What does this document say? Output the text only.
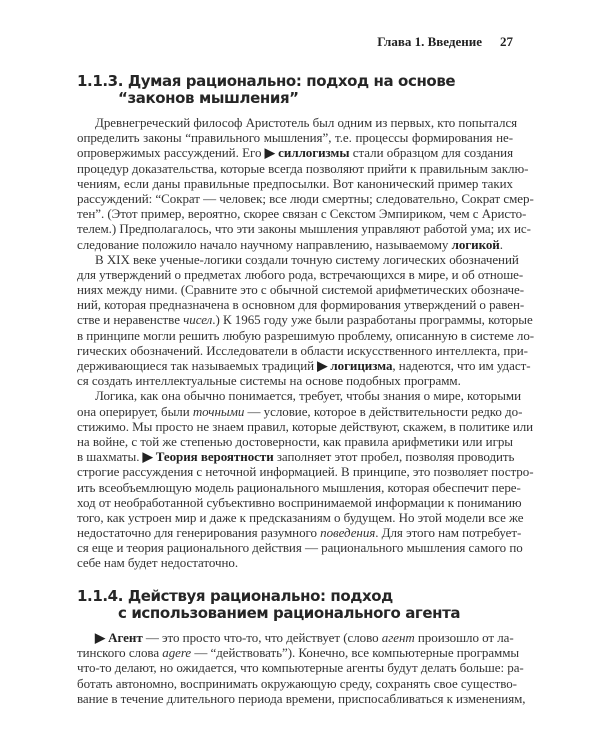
Глава 1. Введение 27
1.1.3. Думая рационально: подход на основе
“законов мышления”
Древнегреческий философ Аристотель был одним из первых, кто попытался
определить законы “правильного мышления”, т.е. процессы формирования не-
опровержимых рассуждений. Его ▶ силлогизмы стали образцом для создания
процедур доказательства, которые всегда позволяют прийти к правильным заклю-
чениям, если даны правильные предпосылки. Вот канонический пример таких
рассуждений: “Сократ — человек; все люди смертны; следовательно, Сократ смер-
тен”. (Этот пример, вероятно, скорее связан с Секстом Эмпириком, чем с Аристо-
телем.) Предполагалось, что эти законы мышления управляют работой ума; их ис-
следование положило начало научному направлению, называемому логикой.
В XIX веке ученые-логики создали точную систему логических обозначений
для утверждений о предметах любого рода, встречающихся в мире, и об отноше-
ниях между ними. (Сравните это с обычной системой арифметических обозначе-
ний, которая предназначена в основном для формирования утверждений о равен-
стве и неравенстве чисел.) К 1965 году уже были разработаны программы, которые
в принципе могли решить любую разрешимую проблему, описанную в системе ло-
гических обозначений. Исследователи в области искусственного интеллекта, при-
держивающиеся так называемых традиций ▶ логицизма, надеются, что им удаст-
ся создать интеллектуальные системы на основе подобных программ.
Логика, как она обычно понимается, требует, чтобы знания о мире, которыми
она оперирует, были точными — условие, которое в действительности редко до-
стижимо. Мы просто не знаем правил, которые действуют, скажем, в политике или
на войне, с той же степенью достоверности, как правила арифметики или игры
в шахматы. ▶ Теория вероятности заполняет этот пробел, позволяя проводить
строгие рассуждения с неточной информацией. В принципе, это позволяет постро-
ить всеобъемлющую модель рационального мышления, которая обеспечит пере-
ход от необработанной субъективно воспринимаемой информации к пониманию
того, как устроен мир и даже к предсказаниям о будущем. Но этой модели все же
недостаточно для генерирования разумного поведения. Для этого нам потребует-
ся еще и теория рационального действия — рационального мышления самого по
себе нам будет недостаточно.
1.1.4. Действуя рационально: подход
с использованием рационального агента
▶ Агент — это просто что-то, что действует (слово агент произошло от ла-
тинского слова agere — “действовать”). Конечно, все компьютерные программы
что-то делают, но ожидается, что компьютерные агенты будут делать больше: ра-
ботать автономно, воспринимать окружающую среду, сохранять свое существо-
вание в течение длительного периода времени, приспосабливаться к изменениям,
